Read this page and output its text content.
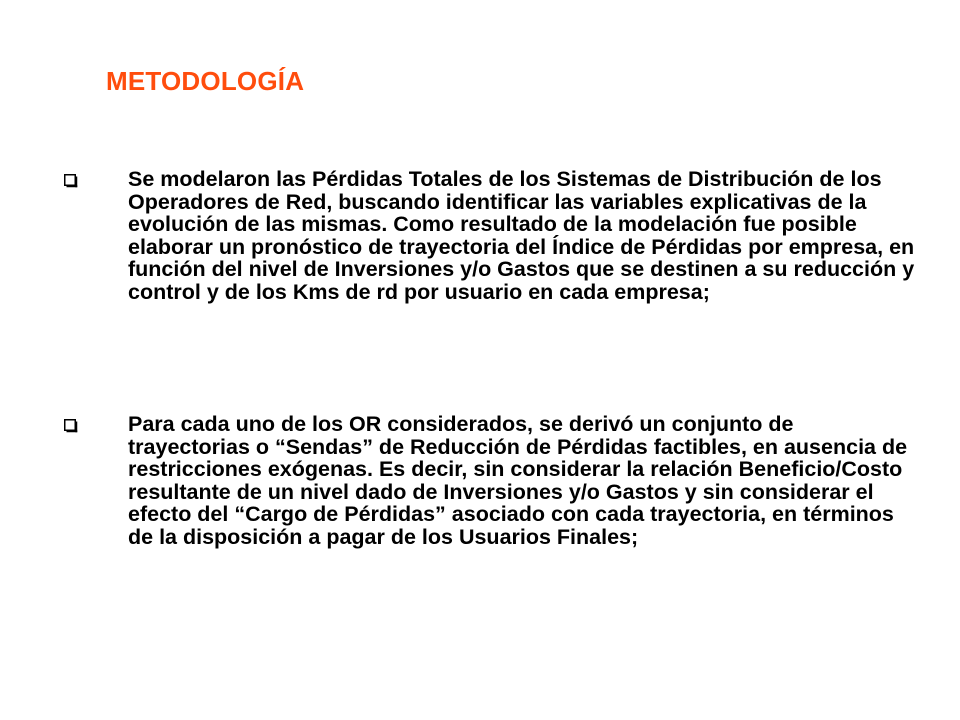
METODOLOGÍA

Se modelaron las Pérdidas Totales de los Sistemas de Distribución de los Operadores de Red, buscando identificar las variables explicativas de la evolución de las mismas. Como resultado de la modelación fue posible elaborar un pronóstico de trayectoria del Índice de Pérdidas por empresa, en función del nivel de Inversiones y/o Gastos que se destinen a su reducción y control y de los Kms de rd por usuario en cada empresa;

Para cada uno de los OR considerados, se derivó un conjunto de trayectorias o “Sendas” de Reducción de Pérdidas factibles, en ausencia de restricciones exógenas. Es decir, sin considerar la relación Beneficio/Costo resultante de un nivel dado de Inversiones y/o Gastos y sin considerar el efecto del “Cargo de Pérdidas” asociado con cada trayectoria, en términos de la disposición a pagar de los Usuarios Finales;
